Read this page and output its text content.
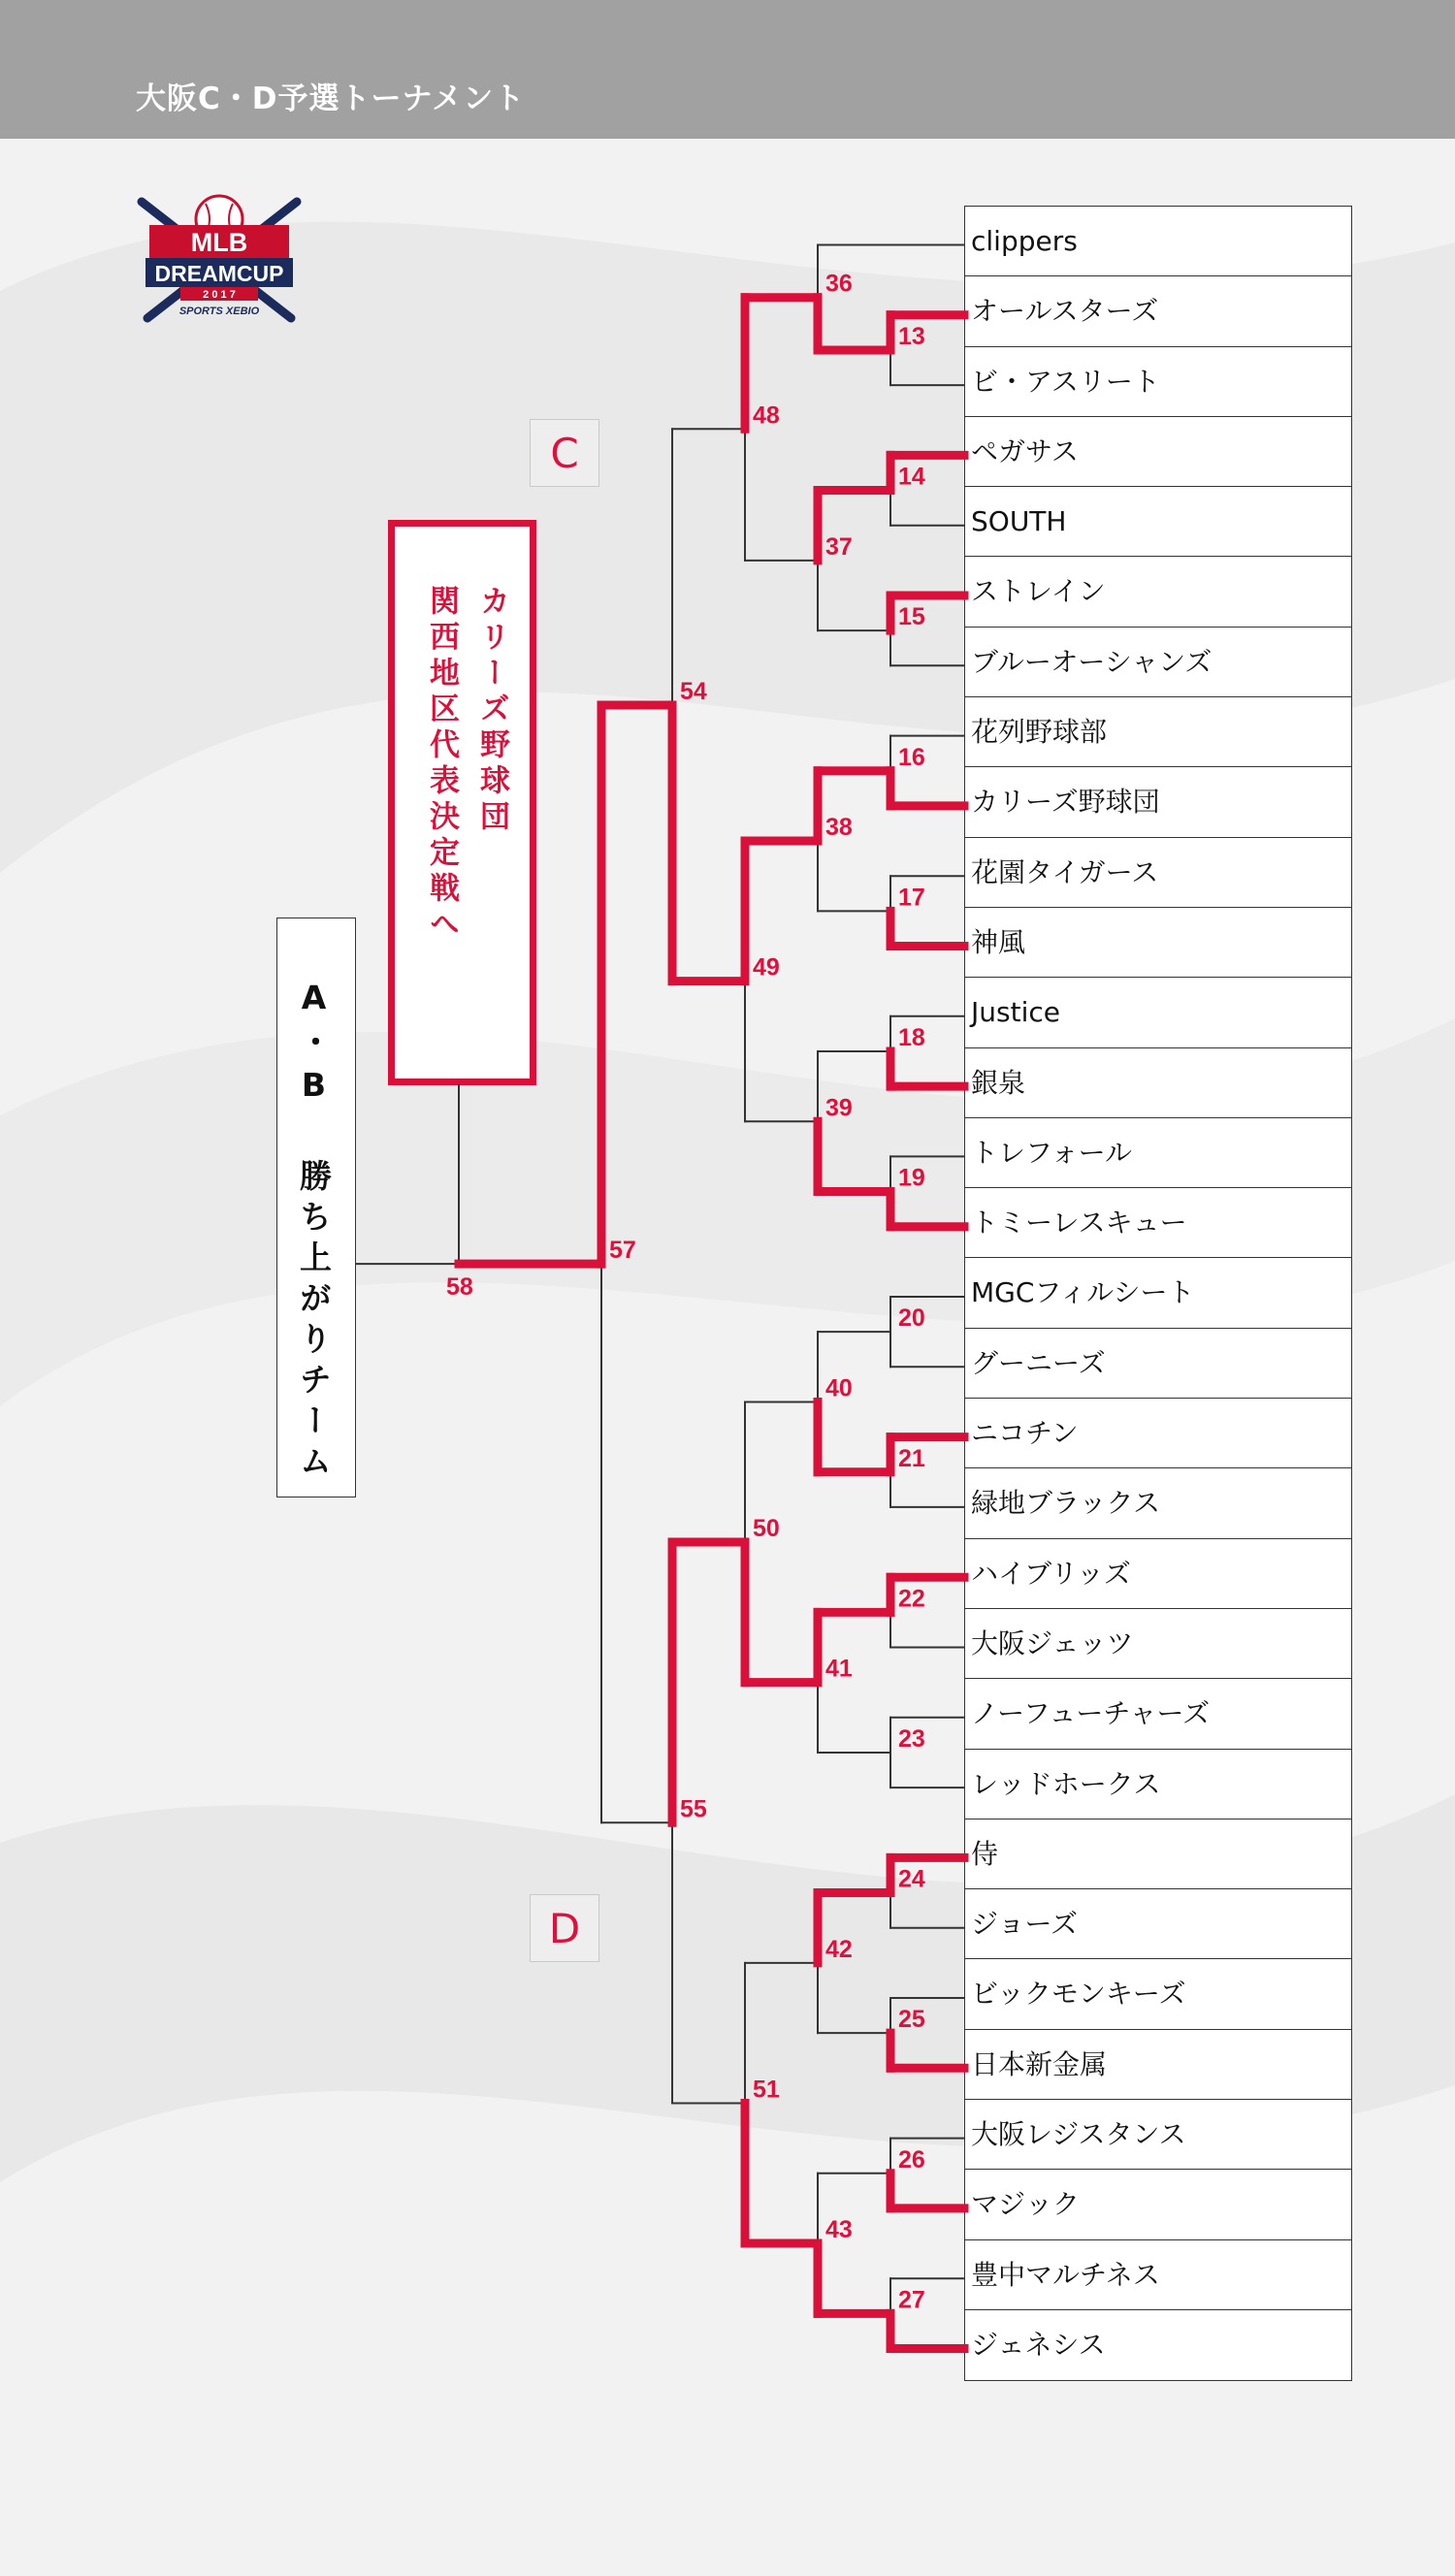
大阪C・D予選トーナメント
MLB
DREAMCUP
2 0 1 7
SPORTS XEBIO
C
D
カリーズ野球団
関西地区代表決定戦へ
A・B 勝ち上がりチーム
clippers
オールスターズ
ビ・アスリート
ペガサス
SOUTH
ストレイン
ブルーオーシャンズ
花列野球部
カリーズ野球団
花園タイガース
神風
Justice
銀泉
トレフォール
トミーレスキュー
MGCフィルシート
グーニーズ
ニコチン
緑地ブラックス
ハイブリッズ
大阪ジェッツ
ノーフューチャーズ
レッドホークス
侍
ジョーズ
ビックモンキーズ
日本新金属
大阪レジスタンス
マジック
豊中マルチネス
ジェネシス
13
14
15
16
17
18
19
20
21
22
23
24
25
26
27
36
37
38
39
40
41
42
43
48
49
50
51
54
55
57
58
